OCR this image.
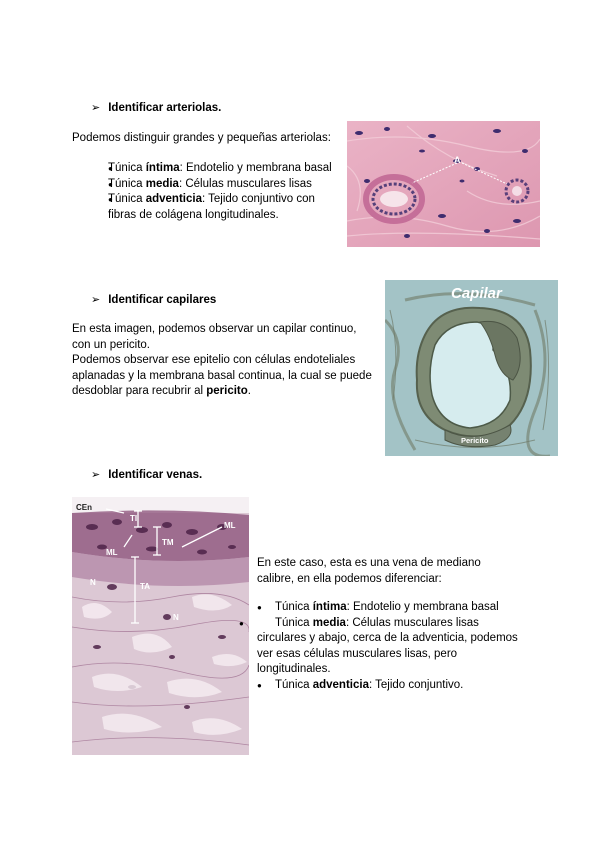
➢ Identificar arteriolas.

Podemos distinguir grandes y pequeñas arteriolas:

● Túnica íntima: Endotelio y membrana basal
● Túnica media: Células musculares lisas
● Túnica adventicia: Tejido conjuntivo con fibras de colágena longitudinales.
A
➢ Identificar capilares

En esta imagen, podemos observar un capilar continuo, con un pericito.

Podemos observar ese epitelio con células endoteliales aplanadas y la membrana basal continua, la cual se puede desdoblar para recubrir al pericito.

Capilar
Pericito
➢ Identificar venas.
CEn
TI
ML
TM
ML
N	TA
N

En este caso, esta es una vena de mediano calibre, en ella podemos diferenciar:

● Túnica íntima: Endotelio y membrana basal

●	Túnica media: Células musculares lisas circulares y abajo, cerca de la adventicia, podemos ver esas células musculares lisas, pero longitudinales.

● Túnica adventicia: Tejido conjuntivo.
